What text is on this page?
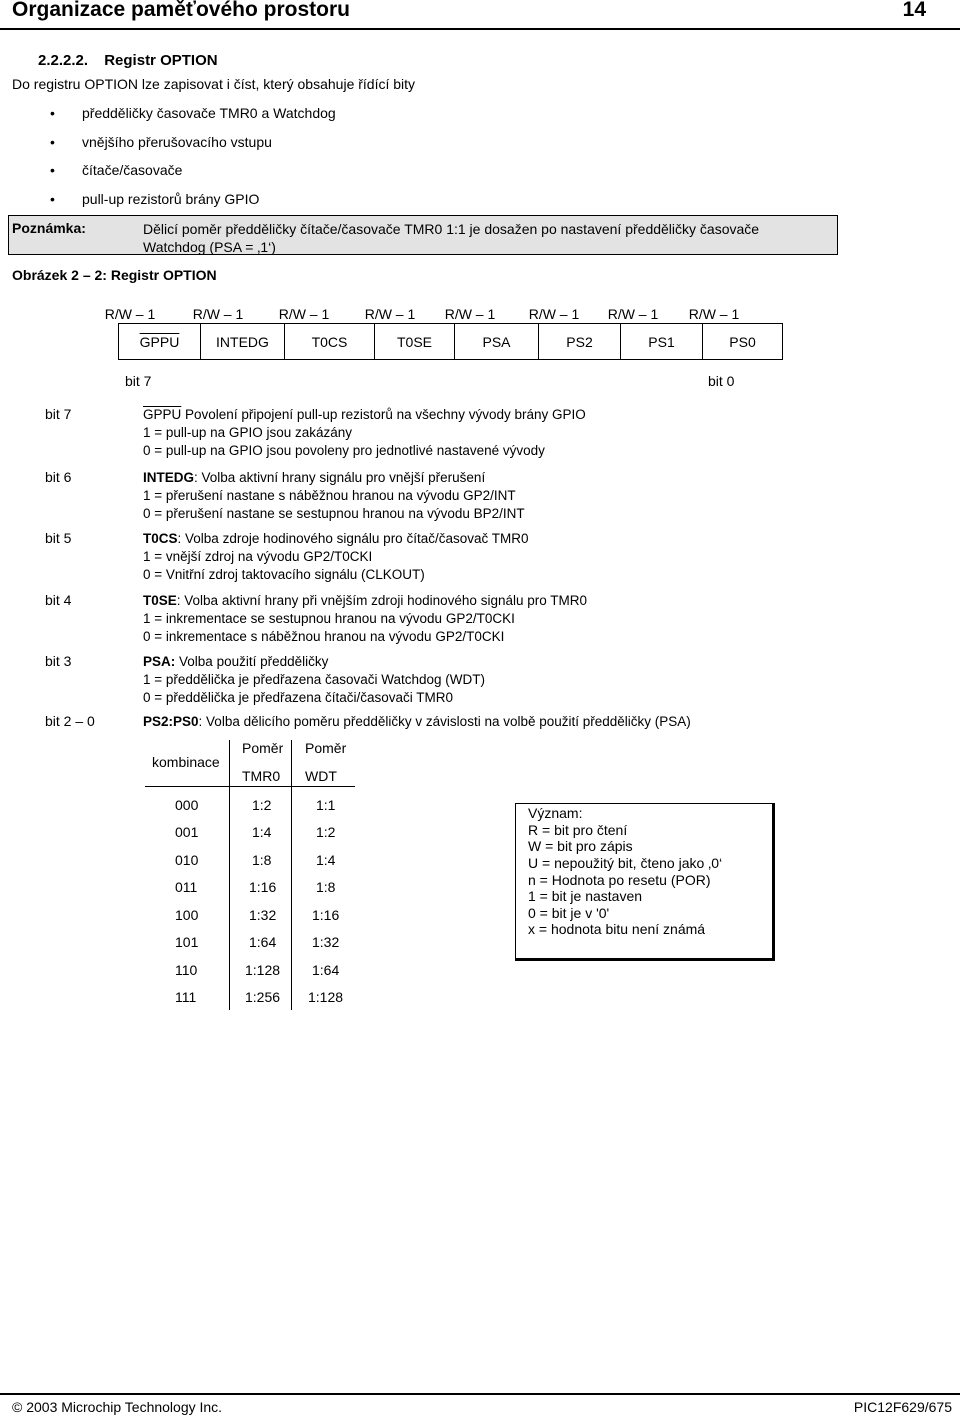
Organizace paměťového prostoru	14
2.2.2.2. Registr OPTION
Do registru OPTION lze zapisovat i číst, který obsahuje řídící bity
• předděličky časovače TMR0 a Watchdog
• vnějšího přerušovacího vstupu
• čítače/časovače
• pull-up rezistorů brány GPIO
Poznámka:	Dělicí poměr předděličky čítače/časovače TMR0 1:1 je dosažen po nastavení předděličky časovače Watchdog (PSA = ‚1‘)
Obrázek 2 – 2: Registr OPTION
R/W – 1	R/W – 1	R/W – 1	R/W – 1	R/W – 1	R/W – 1	R/W – 1	R/W – 1
GPPU	INTEDG	T0CS	T0SE	PSA	PS2	PS1	PS0
bit 7	bit 0
bit 7	GPPU Povolení připojení pull-up rezistorů na všechny vývody brány GPIO
1 = pull-up na GPIO jsou zakázány
0 = pull-up na GPIO jsou povoleny pro jednotlivé nastavené vývody
bit 6	INTEDG: Volba aktivní hrany signálu pro vnější přerušení
1 = přerušení nastane s náběžnou hranou na vývodu GP2/INT
0 = přerušení nastane se sestupnou hranou na vývodu BP2/INT
bit 5	T0CS: Volba zdroje hodinového signálu pro čítač/časovač TMR0
1 = vnější zdroj na vývodu GP2/T0CKI
0 = Vnitřní zdroj taktovacího signálu (CLKOUT)
bit 4	T0SE: Volba aktivní hrany při vnějším zdroji hodinového signálu pro TMR0
1 = inkrementace se sestupnou hranou na vývodu GP2/T0CKI
0 = inkrementace s náběžnou hranou na vývodu GP2/T0CKI
bit 3	PSA: Volba použití předděličky
1 = předdělička je předřazena časovači Watchdog (WDT)
0 = předdělička je předřazena čítači/časovači TMR0
bit 2 – 0	PS2:PS0: Volba dělicího poměru předděličky v závislosti na volbě použití předděličky (PSA)
kombinace
Poměr Poměr
TMR0 WDT
000	1:2	1:1
001	1:4	1:2
010	1:8	1:4
011	1:16	1:8
100	1:32	1:16
101	1:64	1:32
110	1:128 1:64
111	1:256 1:128
Význam:
R = bit pro čtení
W = bit pro zápis
U = nepoužitý bit, čteno jako ‚0‘
n = Hodnota po resetu (POR)
1 = bit je nastaven
0 = bit je v '0'
x = hodnota bitu není známá
© 2003 Microchip Technology Inc.	PIC12F629/675
